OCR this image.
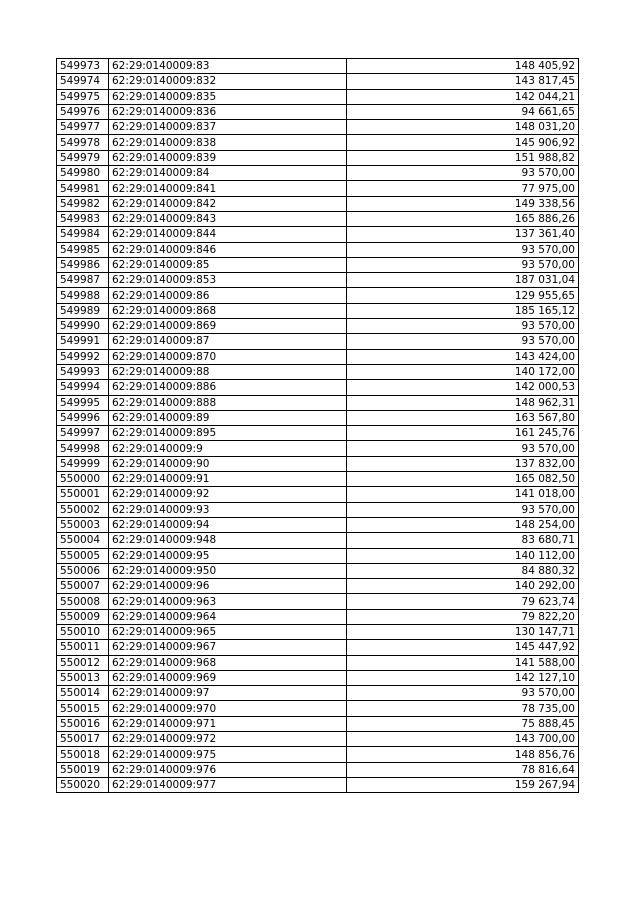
549973	62:29:0140009:83	148 405,92
549974	62:29:0140009:832	143 817,45
549975	62:29:0140009:835	142 044,21
549976	62:29:0140009:836	94 661,65
549977	62:29:0140009:837	148 031,20
549978	62:29:0140009:838	145 906,92
549979	62:29:0140009:839	151 988,82
549980	62:29:0140009:84	93 570,00
549981	62:29:0140009:841	77 975,00
549982	62:29:0140009:842	149 338,56
549983	62:29:0140009:843	165 886,26
549984	62:29:0140009:844	137 361,40
549985	62:29:0140009:846	93 570,00
549986	62:29:0140009:85	93 570,00
549987	62:29:0140009:853	187 031,04
549988	62:29:0140009:86	129 955,65
549989	62:29:0140009:868	185 165,12
549990	62:29:0140009:869	93 570,00
549991	62:29:0140009:87	93 570,00
549992	62:29:0140009:870	143 424,00
549993	62:29:0140009:88	140 172,00
549994	62:29:0140009:886	142 000,53
549995	62:29:0140009:888	148 962,31
549996	62:29:0140009:89	163 567,80
549997	62:29:0140009:895	161 245,76
549998	62:29:0140009:9	93 570,00
549999	62:29:0140009:90	137 832,00
550000	62:29:0140009:91	165 082,50
550001	62:29:0140009:92	141 018,00
550002	62:29:0140009:93	93 570,00
550003	62:29:0140009:94	148 254,00
550004	62:29:0140009:948	83 680,71
550005	62:29:0140009:95	140 112,00
550006	62:29:0140009:950	84 880,32
550007	62:29:0140009:96	140 292,00
550008	62:29:0140009:963	79 623,74
550009	62:29:0140009:964	79 822,20
550010	62:29:0140009:965	130 147,71
550011	62:29:0140009:967	145 447,92
550012	62:29:0140009:968	141 588,00
550013	62:29:0140009:969	142 127,10
550014	62:29:0140009:97	93 570,00
550015	62:29:0140009:970	78 735,00
550016	62:29:0140009:971	75 888,45
550017	62:29:0140009:972	143 700,00
550018	62:29:0140009:975	148 856,76
550019	62:29:0140009:976	78 816,64
550020	62:29:0140009:977	159 267,94
